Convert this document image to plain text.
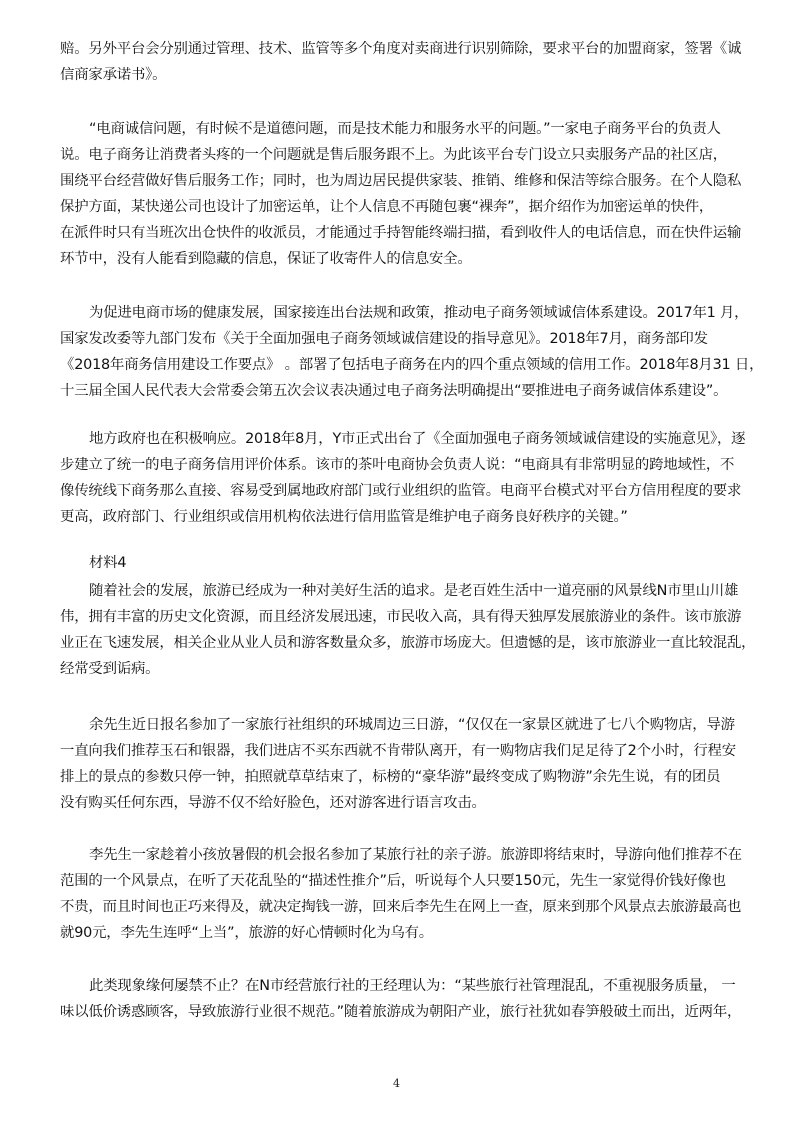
赔。另外平台会分别通过管理、技术、监管等多个角度对卖商进行识别筛除，要求平台的加盟商家，签署《诚
信商家承诺书》。
“电商诚信问题，有时候不是道德问题，而是技术能力和服务水平的问题。”一家电子商务平台的负责人
说。电子商务让消费者头疼的一个问题就是售后服务跟不上。为此该平台专门设立只卖服务产品的社区店，
围绕平台经营做好售后服务工作；同时，也为周边居民提供家装、推销、维修和保洁等综合服务。在个人隐私
保护方面，某快递公司也设计了加密运单，让个人信息不再随包裹“裸奔”，据介绍作为加密运单的快件，
在派件时只有当班次出仓快件的收派员，才能通过手持智能终端扫描，看到收件人的电话信息，而在快件运输
环节中，没有人能看到隐藏的信息，保证了收寄件人的信息安全。
为促进电商市场的健康发展，国家接连出台法规和政策，推动电子商务领域诚信体系建设。2017年1 月，
国家发改委等九部门发布《关于全面加强电子商务领域诚信建设的指导意见》。2018年7月，商务部印发
《2018年商务信用建设工作要点》 。部署了包括电子商务在内的四个重点领域的信用工作。2018年8月31 日，
十三届全国人民代表大会常委会第五次会议表决通过电子商务法明确提出“要推进电子商务诚信体系建设”。
地方政府也在积极响应。2018年8月，Y市正式出台了《全面加强电子商务领域诚信建设的实施意见》，逐
步建立了统一的电子商务信用评价体系。该市的茶叶电商协会负责人说：“电商具有非常明显的跨地域性，不
像传统线下商务那么直接、容易受到属地政府部门或行业组织的监管。电商平台模式对平台方信用程度的要求
更高，政府部门、行业组织或信用机构依法进行信用监管是维护电子商务良好秩序的关键。”
材料4
随着社会的发展，旅游已经成为一种对美好生活的追求。是老百姓生活中一道亮丽的风景线N市里山川雄
伟，拥有丰富的历史文化资源，而且经济发展迅速，市民收入高，具有得天独厚发展旅游业的条件。该市旅游
业正在飞速发展，相关企业从业人员和游客数量众多，旅游市场庞大。但遗憾的是，该市旅游业一直比较混乱，
经常受到诟病。
余先生近日报名参加了一家旅行社组织的环城周边三日游，“仅仅在一家景区就进了七八个购物店，导游
一直向我们推荐玉石和银器，我们进店不买东西就不肯带队离开，有一购物店我们足足待了2个小时，行程安
排上的景点的参数只停一钟，拍照就草草结束了，标榜的“豪华游”最终变成了购物游”余先生说，有的团员
没有购买任何东西，导游不仅不给好脸色，还对游客进行语言攻击。
李先生一家趁着小孩放暑假的机会报名参加了某旅行社的亲子游。旅游即将结束时，导游向他们推荐不在
范围的一个风景点，在听了天花乱坠的“描述性推介”后，听说每个人只要150元，先生一家觉得价钱好像也
不贵，而且时间也正巧来得及，就决定掏钱一游，回来后李先生在网上一查，原来到那个风景点去旅游最高也
就90元，李先生连呼“上当”，旅游的好心情顿时化为乌有。
此类现象缘何屡禁不止？在N市经营旅行社的王经理认为：“某些旅行社管理混乱，不重视服务质量， 一
味以低价诱惑顾客，导致旅游行业很不规范。”随着旅游成为朝阳产业，旅行社犹如春笋般破土而出，近两年，
4
